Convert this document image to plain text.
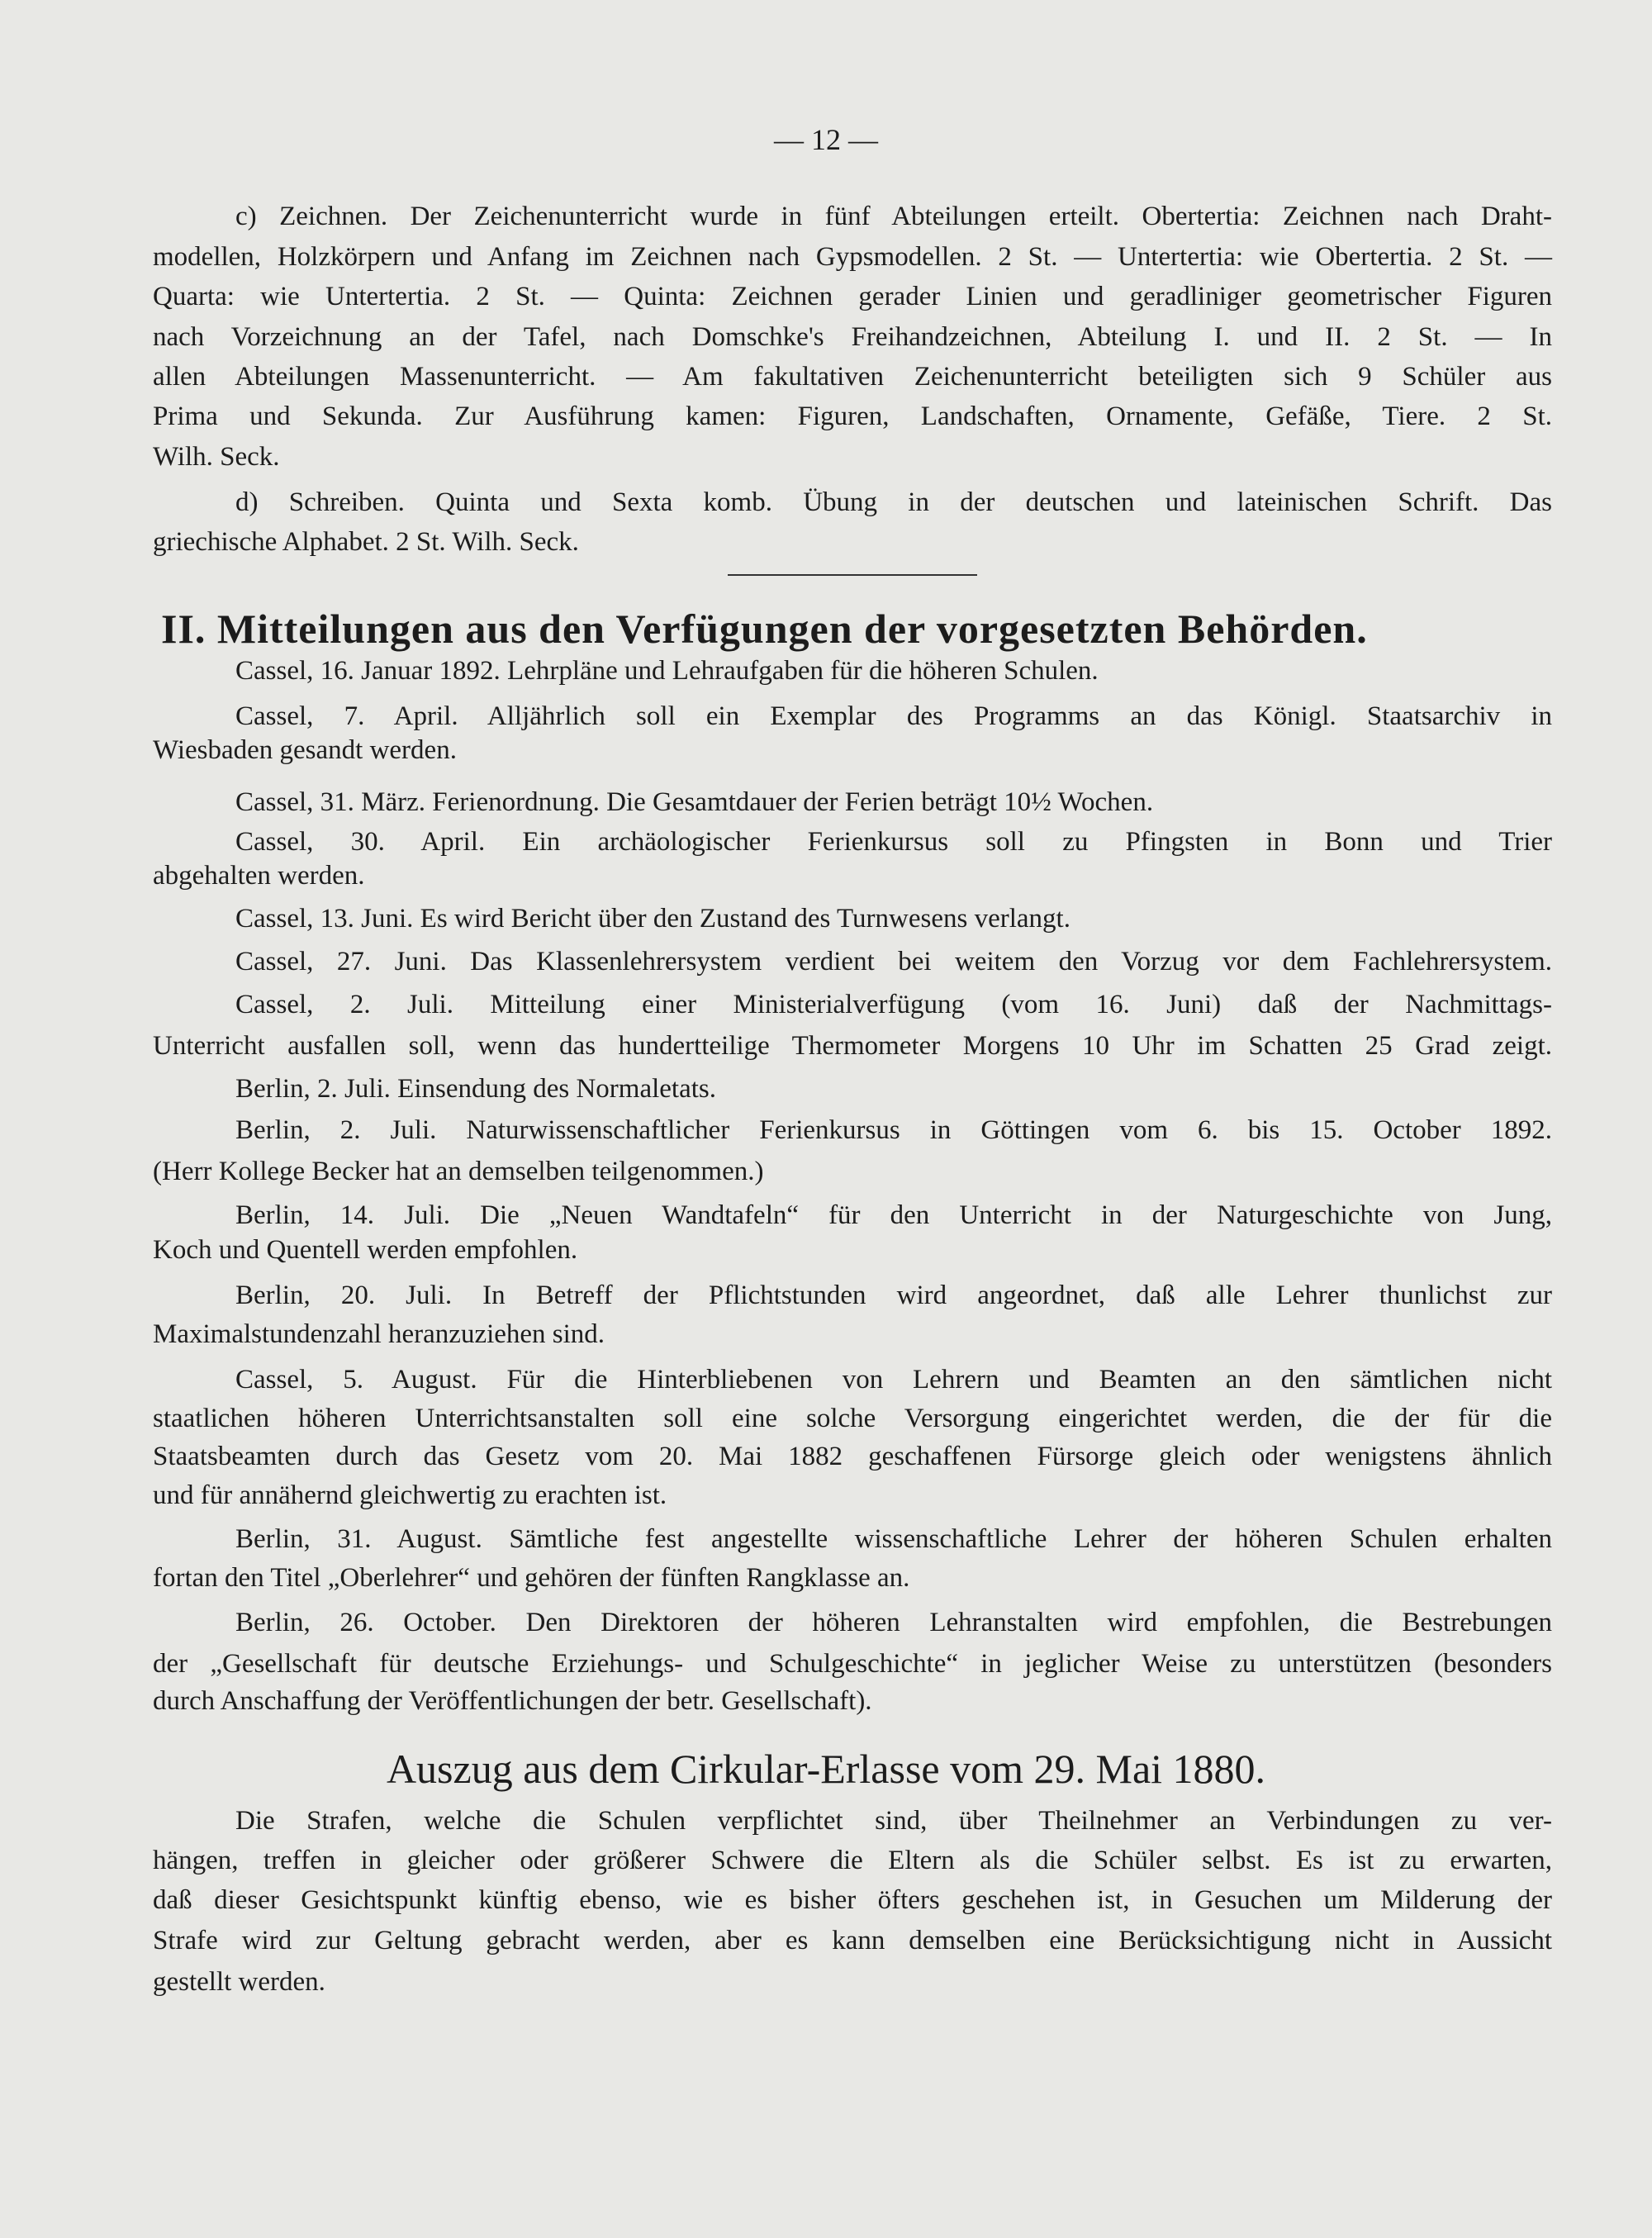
— 12 —
II. Mitteilungen aus den Verfügungen der vorgesetzten Behörden.
Auszug aus dem Cirkular-Erlasse vom 29. Mai 1880.
c) Zeichnen. Der Zeichenunterricht wurde in fünf Abteilungen erteilt. Obertertia: Zeichnen nach Draht-
modellen, Holzkörpern und Anfang im Zeichnen nach Gypsmodellen. 2 St. — Untertertia: wie Obertertia. 2 St. —
Quarta: wie Untertertia. 2 St. — Quinta: Zeichnen gerader Linien und geradliniger geometrischer Figuren
nach Vorzeichnung an der Tafel, nach Domschke's Freihandzeichnen, Abteilung I. und II. 2 St. — In
allen Abteilungen Massenunterricht. — Am fakultativen Zeichenunterricht beteiligten sich 9 Schüler aus
Prima und Sekunda. Zur Ausführung kamen: Figuren, Landschaften, Ornamente, Gefäße, Tiere. 2 St.
Wilh. Seck.
d) Schreiben. Quinta und Sexta komb. Übung in der deutschen und lateinischen Schrift. Das
griechische Alphabet. 2 St. Wilh. Seck.
Cassel, 16. Januar 1892. Lehrpläne und Lehraufgaben für die höheren Schulen.
Cassel, 7. April. Alljährlich soll ein Exemplar des Programms an das Königl. Staatsarchiv in
Wiesbaden gesandt werden.
Cassel, 31. März. Ferienordnung. Die Gesamtdauer der Ferien beträgt 10½ Wochen.
Cassel, 30. April. Ein archäologischer Ferienkursus soll zu Pfingsten in Bonn und Trier
abgehalten werden.
Cassel, 13. Juni. Es wird Bericht über den Zustand des Turnwesens verlangt.
Cassel, 27. Juni. Das Klassenlehrersystem verdient bei weitem den Vorzug vor dem Fachlehrersystem.
Cassel, 2. Juli. Mitteilung einer Ministerialverfügung (vom 16. Juni) daß der Nachmittags-
Unterricht ausfallen soll, wenn das hundertteilige Thermometer Morgens 10 Uhr im Schatten 25 Grad zeigt.
Berlin, 2. Juli. Einsendung des Normaletats.
Berlin, 2. Juli. Naturwissenschaftlicher Ferienkursus in Göttingen vom 6. bis 15. October 1892.
(Herr Kollege Becker hat an demselben teilgenommen.)
Berlin, 14. Juli. Die „Neuen Wandtafeln“ für den Unterricht in der Naturgeschichte von Jung,
Koch und Quentell werden empfohlen.
Berlin, 20. Juli. In Betreff der Pflichtstunden wird angeordnet, daß alle Lehrer thunlichst zur
Maximalstundenzahl heranzuziehen sind.
Cassel, 5. August. Für die Hinterbliebenen von Lehrern und Beamten an den sämtlichen nicht
staatlichen höheren Unterrichtsanstalten soll eine solche Versorgung eingerichtet werden, die der für die
Staatsbeamten durch das Gesetz vom 20. Mai 1882 geschaffenen Fürsorge gleich oder wenigstens ähnlich
und für annähernd gleichwertig zu erachten ist.
Berlin, 31. August. Sämtliche fest angestellte wissenschaftliche Lehrer der höheren Schulen erhalten
fortan den Titel „Oberlehrer“ und gehören der fünften Rangklasse an.
Berlin, 26. October. Den Direktoren der höheren Lehranstalten wird empfohlen, die Bestrebungen
der „Gesellschaft für deutsche Erziehungs- und Schulgeschichte“ in jeglicher Weise zu unterstützen (besonders
durch Anschaffung der Veröffentlichungen der betr. Gesellschaft).
Die Strafen, welche die Schulen verpflichtet sind, über Theilnehmer an Verbindungen zu ver-
hängen, treffen in gleicher oder größerer Schwere die Eltern als die Schüler selbst. Es ist zu erwarten,
daß dieser Gesichtspunkt künftig ebenso, wie es bisher öfters geschehen ist, in Gesuchen um Milderung der
Strafe wird zur Geltung gebracht werden, aber es kann demselben eine Berücksichtigung nicht in Aussicht
gestellt werden.
